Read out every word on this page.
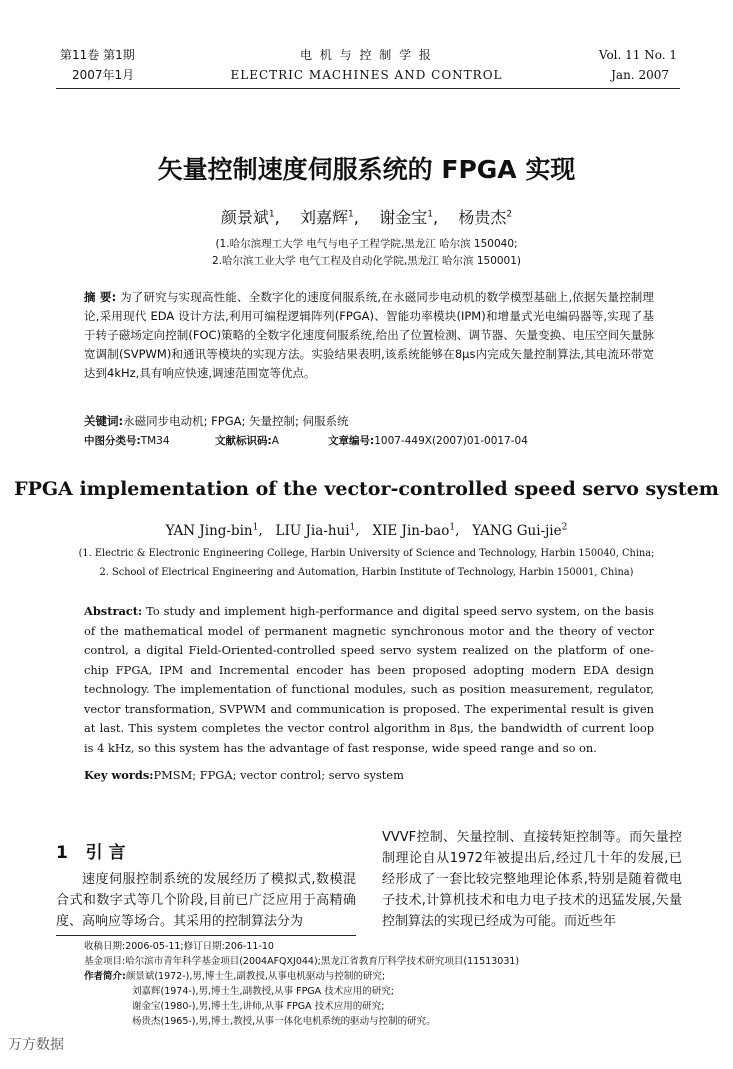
第11卷 第1期
2007年1月
电 机 与 控 制 学 报
ELECTRIC MACHINES AND CONTROL
Vol. 11 No. 1
Jan. 2007
矢量控制速度伺服系统的 FPGA 实现
颜景斌$^1$,    刘嘉辉$^1$,    谢金宝$^1$,    杨贵杰$^2$
(1.哈尔滨理工大学 电气与电子工程学院,黑龙江 哈尔滨 150040;
2.哈尔滨工业大学 电气工程及自动化学院,黑龙江 哈尔滨 150001)
摘 要: 为了研究与实现高性能、全数字化的速度伺服系统,在永磁同步电动机的数学模型基础上,依据矢量控制理论,采用现代 EDA 设计方法,利用可编程逻辑阵列(FPGA)、智能功率模块(IPM)和增量式光电编码器等,实现了基于转子磁场定向控制(FOC)策略的全数字化速度伺服系统,给出了位置检测、调节器、矢量变换、电压空间矢量脉宽调制(SVPWM)和通讯等模块的实现方法。实验结果表明,该系统能够在8μs内完成矢量控制算法,其电流环带宽达到4kHz,具有响应快速,调速范围宽等优点。
关键词:永磁同步电动机; FPGA; 矢量控制; 伺服系统
中图分类号:TM34	文献标识码:A	文章编号:1007-449X(2007)01-0017-04
FPGA implementation of the vector-controlled speed servo system
YAN Jing-bin$^1$,   LIU Jia-hui$^1$,   XIE Jin-bao$^1$,   YANG Gui-jie$^2$
(1. Electric & Electronic Engineering College, Harbin University of Science and Technology, Harbin 150040, China;
2. School of Electrical Engineering and Automation, Harbin Institute of Technology, Harbin 150001, China)
Abstract: To study and implement high-performance and digital speed servo system, on the basis of the mathematical model of permanent magnetic synchronous motor and the theory of vector control, a digital Field-Oriented-controlled speed servo system realized on the platform of one-chip FPGA, IPM and Incremental encoder has been proposed adopting modern EDA design technology. The implementation of functional modules, such as position measurement, regulator, vector transformation, SVPWM and communication is proposed. The experimental result is given at last. This system completes the vector control algorithm in 8μs, the bandwidth of current loop is 4 kHz, so this system has the advantage of fast response, wide speed range and so on.
Key words:PMSM; FPGA; vector control; servo system
1 引 言
速度伺服控制系统的发展经历了模拟式,数模混合式和数字式等几个阶段,目前已广泛应用于高精确度、高响应等场合。其采用的控制算法分为
VVVF控制、矢量控制、直接转矩控制等。而矢量控制理论自从1972年被提出后,经过几十年的发展,已经形成了一套比较完整地理论体系,特别是随着微电子技术,计算机技术和电力电子技术的迅猛发展,矢量控制算法的实现已经成为可能。而近些年
收稿日期:2006-05-11;修订日期:206-11-10
基金项目:哈尔滨市青年科学基金项目(2004AFQXJ044);黑龙江省教育厅科学技术研究项目(11513031)
作者简介:颜景斌(1972-),男,博士生,副教授,从事电机驱动与控制的研究;
刘嘉辉(1974-),男,博士生,副教授,从事 FPGA 技术应用的研究;
谢金宝(1980-),男,博士生,讲师,从事 FPGA 技术应用的研究;
杨贵杰(1965-),男,博士,教授,从事一体化电机系统的驱动与控制的研究。
万方数据
